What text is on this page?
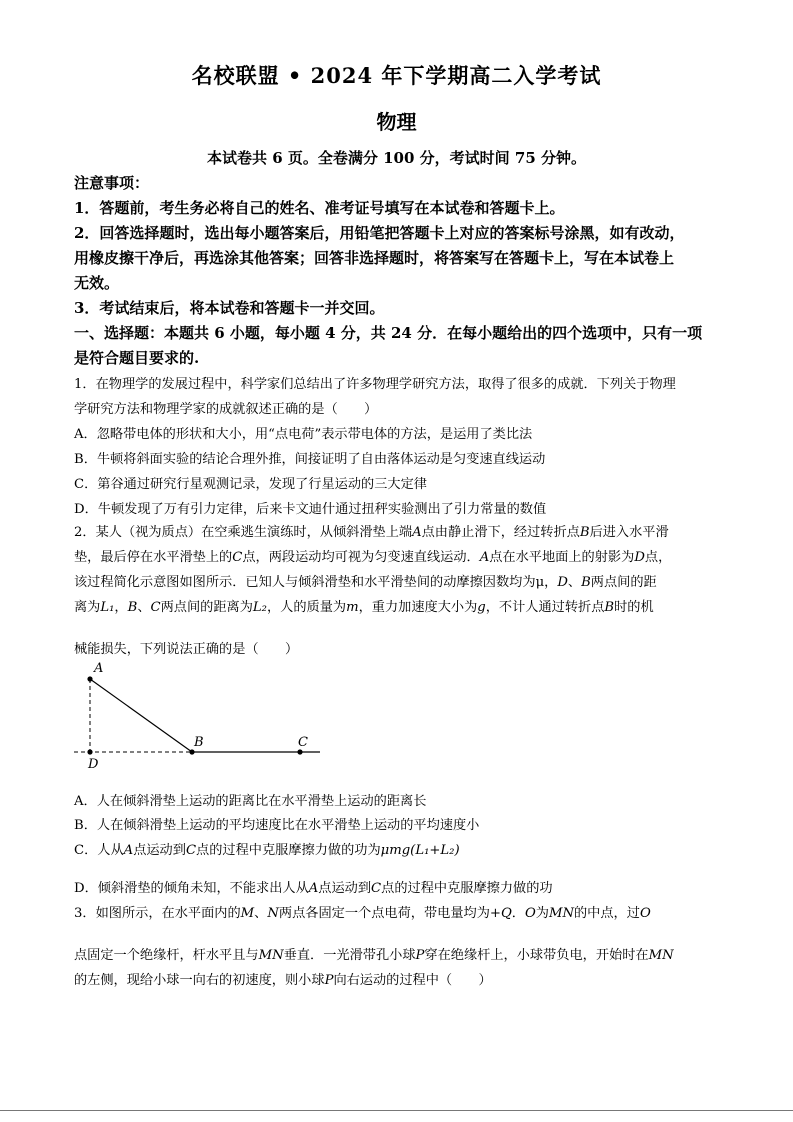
名校联盟 • 2024 年下学期高二入学考试
物理
本试卷共 6 页。全卷满分 100 分，考试时间 75 分钟。
注意事项：
1．答题前，考生务必将自己的姓名、准考证号填写在本试卷和答题卡上。
2．回答选择题时，选出每小题答案后，用铅笔把答题卡上对应的答案标号涂黑，如有改动，
用橡皮擦干净后，再选涂其他答案；回答非选择题时，将答案写在答题卡上，写在本试卷上
无效。
3．考试结束后，将本试卷和答题卡一并交回。
一、选择题：本题共 6 小题，每小题 4 分，共 24 分．在每小题给出的四个选项中，只有一项
是符合题目要求的.
1．在物理学的发展过程中，科学家们总结出了许多物理学研究方法，取得了很多的成就．下列关于物理
学研究方法和物理学家的成就叙述正确的是（　　）
A．忽略带电体的形状和大小，用“点电荷”表示带电体的方法，是运用了类比法
B．牛顿将斜面实验的结论合理外推，间接证明了自由落体运动是匀变速直线运动
C．第谷通过研究行星观测记录，发现了行星运动的三大定律
D．牛顿发现了万有引力定律，后来卡文迪什通过扭秤实验测出了引力常量的数值
2．某人（视为质点）在空乘逃生演练时，从倾斜滑垫上端A点由静止滑下，经过转折点B后进入水平滑
垫，最后停在水平滑垫上的C点，两段运动均可视为匀变速直线运动．A点在水平地面上的射影为D点，
该过程简化示意图如图所示．已知人与倾斜滑垫和水平滑垫间的动摩擦因数均为μ，D、B两点间的距
离为L₁，B、C两点间的距离为L₂，人的质量为m，重力加速度大小为g，不计人通过转折点B时的机
械能损失，下列说法正确的是（　　）
A
B	C
D
A．人在倾斜滑垫上运动的距离比在水平滑垫上运动的距离长
B．人在倾斜滑垫上运动的平均速度比在水平滑垫上运动的平均速度小
C．人从A点运动到C点的过程中克服摩擦力做的功为μmg(L₁+L₂)
D．倾斜滑垫的倾角未知，不能求出人从A点运动到C点的过程中克服摩擦力做的功
3．如图所示，在水平面内的M、N两点各固定一个点电荷，带电量均为+Q．O为MN的中点，过O
点固定一个绝缘杆，杆水平且与MN垂直．一光滑带孔小球P穿在绝缘杆上，小球带负电，开始时在MN
的左侧，现给小球一向右的初速度，则小球P向右运动的过程中（　　）
